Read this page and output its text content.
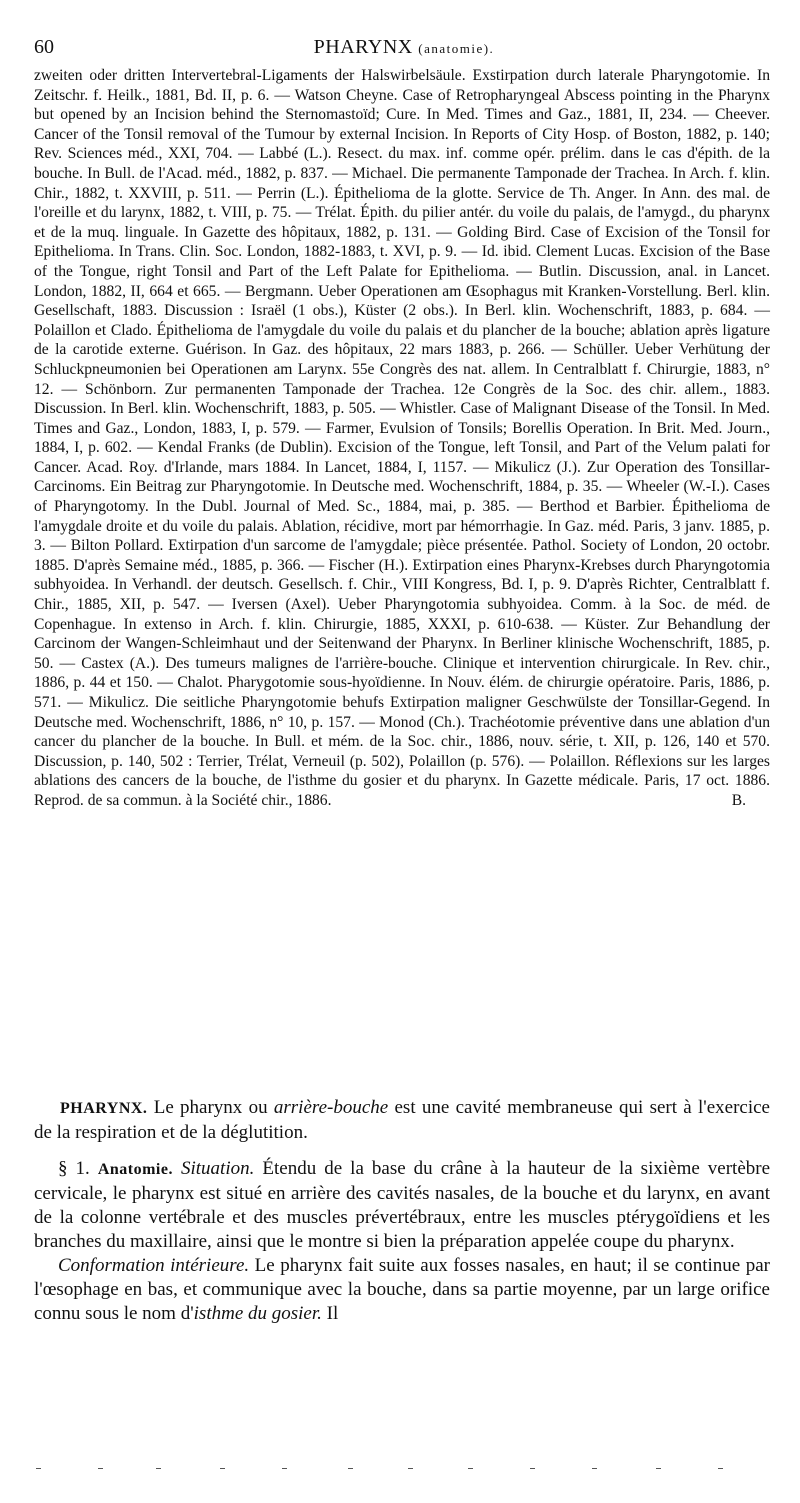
60	PHARYNX (anatomie).
zweiten oder dritten Intervertebral-Ligaments der Halswirbelsäule. Exstirpation durch laterale Pharyngotomie. In Zeitschr. f. Heilk., 1881, Bd. II, p. 6. — Watson Cheyne. Case of Retropharyngeal Abscess pointing in the Pharynx but opened by an Incision behind the Sternomastoïd; Cure. In Med. Times and Gaz., 1881, II, 234. — Cheever. Cancer of the Tonsil removal of the Tumour by external Incision. In Reports of City Hosp. of Boston, 1882, p. 140; Rev. Sciences méd., XXI, 704. — Labbé (L.). Resect. du max. inf. comme opér. prélim. dans le cas d'épith. de la bouche. In Bull. de l'Acad. méd., 1882, p. 837. — Michael. Die permanente Tamponade der Trachea. In Arch. f. klin. Chir., 1882, t. XXVIII, p. 511. — Perrin (L.). Épithelioma de la glotte. Service de Th. Anger. In Ann. des mal. de l'oreille et du larynx, 1882, t. VIII, p. 75. — Trélat. Épith. du pilier antér. du voile du palais, de l'amygd., du pharynx et de la muq. linguale. In Gazette des hôpitaux, 1882, p. 131. — Golding Bird. Case of Excision of the Tonsil for Epithelioma. In Trans. Clin. Soc. London, 1882-1883, t. XVI, p. 9. — Id. ibid. Clement Lucas. Excision of the Base of the Tongue, right Tonsil and Part of the Left Palate for Epithelioma. — Butlin. Discussion, anal. in Lancet. London, 1882, II, 664 et 665. — Bergmann. Ueber Operationen am Œsophagus mit Kranken-Vorstellung. Berl. klin. Gesellschaft, 1883. Discussion : Israël (1 obs.), Küster (2 obs.). In Berl. klin. Wochenschrift, 1883, p. 684. — Polaillon et Clado. Épithelioma de l'amygdale du voile du palais et du plancher de la bouche; ablation après ligature de la carotide externe. Guérison. In Gaz. des hôpitaux, 22 mars 1883, p. 266. — Schüller. Ueber Verhütung der Schluckpneumonien bei Operationen am Larynx. 55e Congrès des nat. allem. In Centralblatt f. Chirurgie, 1883, n° 12. — Schönborn. Zur permanenten Tamponade der Trachea. 12e Congrès de la Soc. des chir. allem., 1883. Discussion. In Berl. klin. Wochenschrift, 1883, p. 505. — Whistler. Case of Malignant Disease of the Tonsil. In Med. Times and Gaz., London, 1883, I, p. 579. — Farmer, Evulsion of Tonsils; Borellis Operation. In Brit. Med. Journ., 1884, I, p. 602. — Kendal Franks (de Dublin). Excision of the Tongue, left Tonsil, and Part of the Velum palati for Cancer. Acad. Roy. d'Irlande, mars 1884. In Lancet, 1884, I, 1157. — Mikulicz (J.). Zur Operation des Tonsillar-Carcinoms. Ein Beitrag zur Pharyngotomie. In Deutsche med. Wochenschrift, 1884, p. 35. — Wheeler (W.-I.). Cases of Pharyngotomy. In the Dubl. Journal of Med. Sc., 1884, mai, p. 385. — Berthod et Barbier. Épithelioma de l'amygdale droite et du voile du palais. Ablation, récidive, mort par hémorrhagie. In Gaz. méd. Paris, 3 janv. 1885, p. 3. — Bilton Pollard. Extirpation d'un sarcome de l'amygdale; pièce présentée. Pathol. Society of London, 20 octobr. 1885. D'après Semaine méd., 1885, p. 366. — Fischer (H.). Extirpation eines Pharynx-Krebses durch Pharyngotomia subhyoidea. In Verhandl. der deutsch. Gesellsch. f. Chir., VIII Kongress, Bd. I, p. 9. D'après Richter, Centralblatt f. Chir., 1885, XII, p. 547. — Iversen (Axel). Ueber Pharyngotomia subhyoidea. Comm. à la Soc. de méd. de Copenhague. In extenso in Arch. f. klin. Chirurgie, 1885, XXXI, p. 610-638. — Küster. Zur Behandlung der Carcinom der Wangen-Schleimhaut und der Seitenwand der Pharynx. In Berliner klinische Wochenschrift, 1885, p. 50. — Castex (A.). Des tumeurs malignes de l'arrière-bouche. Clinique et intervention chirurgicale. In Rev. chir., 1886, p. 44 et 150. — Chalot. Pharygotomie sous-hyoïdienne. In Nouv. élém. de chirurgie opératoire. Paris, 1886, p. 571. — Mikulicz. Die seitliche Pharyngotomie behufs Extirpation maligner Geschwülste der Tonsillar-Gegend. In Deutsche med. Wochenschrift, 1886, n° 10, p. 157. — Monod (Ch.). Trachéotomie préventive dans une ablation d'un cancer du plancher de la bouche. In Bull. et mém. de la Soc. chir., 1886, nouv. série, t. XII, p. 126, 140 et 570. Discussion, p. 140, 502 : Terrier, Trélat, Verneuil (p. 502), Polaillon (p. 576). — Polaillon. Réflexions sur les larges ablations des cancers de la bouche, de l'isthme du gosier et du pharynx. In Gazette médicale. Paris, 17 oct. 1886. Reprod. de sa commun. à la Société chir., 1886.	B.

PHARYNX. Le pharynx ou arrière-bouche est une cavité membraneuse qui sert à l'exercice de la respiration et de la déglutition.

§ 1. Anatomie. Situation. Étendu de la base du crâne à la hauteur de la sixième vertèbre cervicale, le pharynx est situé en arrière des cavités nasales, de la bouche et du larynx, en avant de la colonne vertébrale et des muscles prévertébraux, entre les muscles ptérygoïdiens et les branches du maxillaire, ainsi que le montre si bien la préparation appelée coupe du pharynx.

Conformation intérieure. Le pharynx fait suite aux fosses nasales, en haut; il se continue par l'œsophage en bas, et communique avec la bouche, dans sa partie moyenne, par un large orifice connu sous le nom d'isthme du gosier. Il
